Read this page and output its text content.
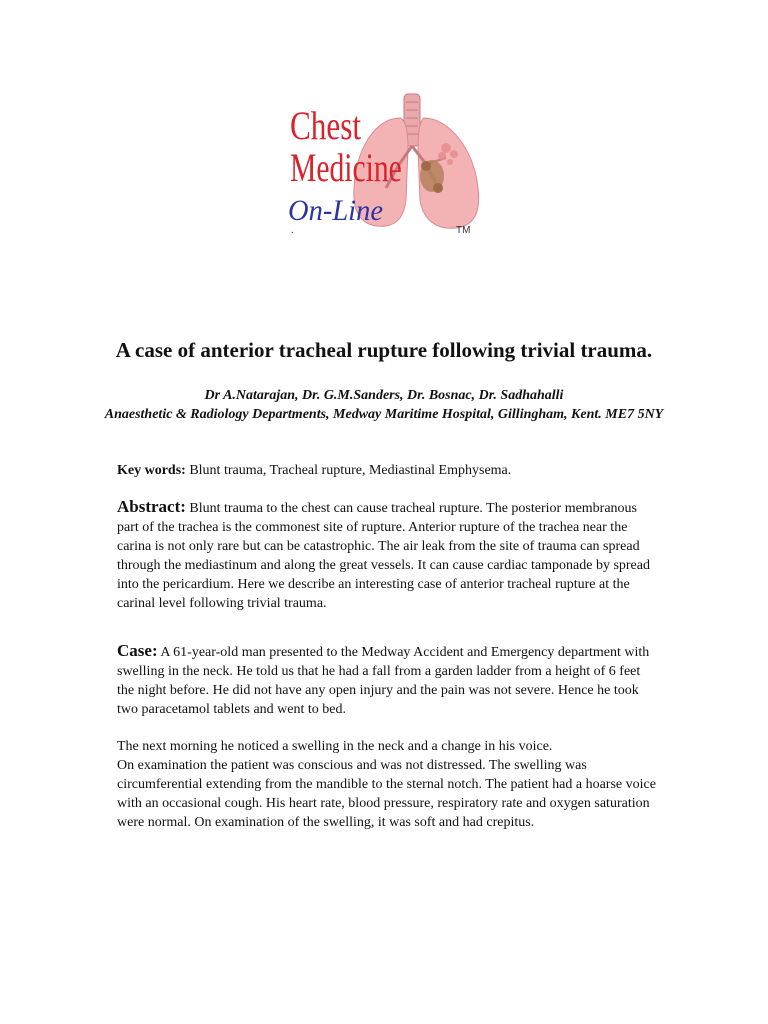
Chest
Medicine
On-Line
.	TM
A case of anterior tracheal rupture following trivial trauma.
Dr A.Natarajan, Dr. G.M.Sanders, Dr. Bosnac, Dr. Sadhahalli
Anaesthetic & Radiology Departments, Medway Maritime Hospital, Gillingham, Kent. ME7 5NY

Key words: Blunt trauma, Tracheal rupture, Mediastinal Emphysema.

Abstract: Blunt trauma to the chest can cause tracheal rupture. The posterior membranous part of the trachea is the commonest site of rupture. Anterior rupture of the trachea near the carina is not only rare but can be catastrophic. The air leak from the site of trauma can spread through the mediastinum and along the great vessels. It can cause cardiac tamponade by spread into the pericardium. Here we describe an interesting case of anterior tracheal rupture at the carinal level following trivial trauma.

Case: A 61-year-old man presented to the Medway Accident and Emergency department with swelling in the neck. He told us that he had a fall from a garden ladder from a height of 6 feet the night before. He did not have any open injury and the pain was not severe. Hence he took two paracetamol tablets and went to bed.

The next morning he noticed a swelling in the neck and a change in his voice.
On examination the patient was conscious and was not distressed. The swelling was circumferential extending from the mandible to the sternal notch. The patient had a hoarse voice with an occasional cough. His heart rate, blood pressure, respiratory rate and oxygen saturation were normal. On examination of the swelling, it was soft and had crepitus.
